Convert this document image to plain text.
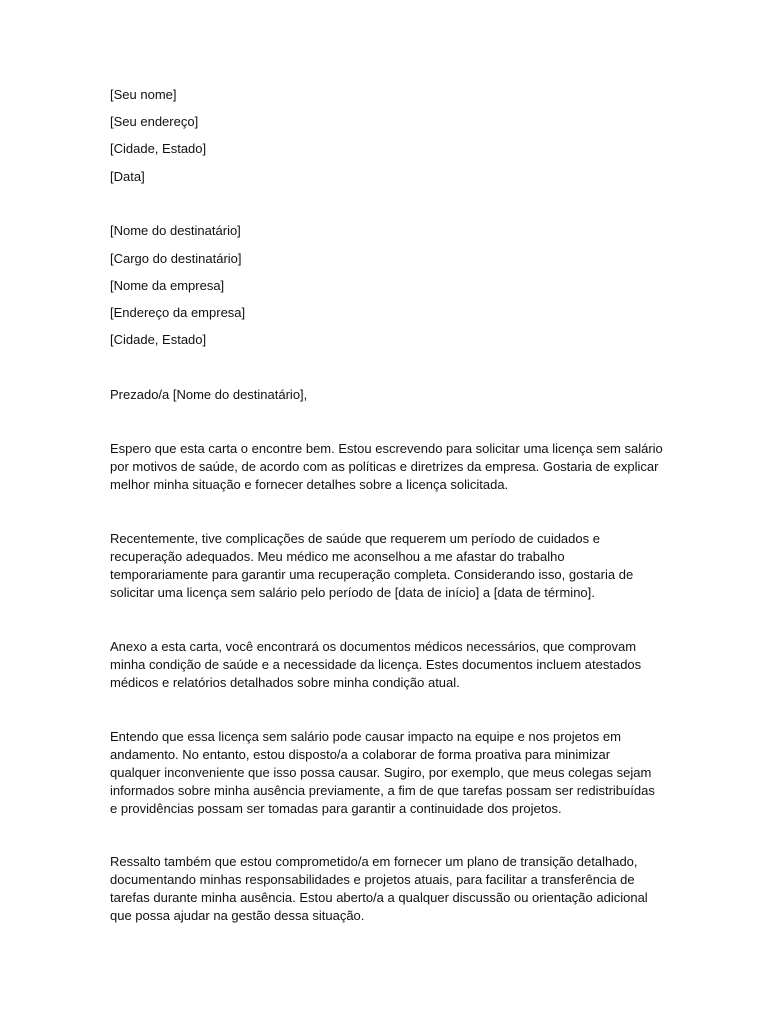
[Seu nome]
[Seu endereço]
[Cidade, Estado]
[Data]
[Nome do destinatário]
[Cargo do destinatário]
[Nome da empresa]
[Endereço da empresa]
[Cidade, Estado]
Prezado/a [Nome do destinatário],
Espero que esta carta o encontre bem. Estou escrevendo para solicitar uma licença sem salário
por motivos de saúde, de acordo com as políticas e diretrizes da empresa. Gostaria de explicar
melhor minha situação e fornecer detalhes sobre a licença solicitada.
Recentemente, tive complicações de saúde que requerem um período de cuidados e
recuperação adequados. Meu médico me aconselhou a me afastar do trabalho
temporariamente para garantir uma recuperação completa. Considerando isso, gostaria de
solicitar uma licença sem salário pelo período de [data de início] a [data de término].
Anexo a esta carta, você encontrará os documentos médicos necessários, que comprovam
minha condição de saúde e a necessidade da licença. Estes documentos incluem atestados
médicos e relatórios detalhados sobre minha condição atual.
Entendo que essa licença sem salário pode causar impacto na equipe e nos projetos em
andamento. No entanto, estou disposto/a a colaborar de forma proativa para minimizar
qualquer inconveniente que isso possa causar. Sugiro, por exemplo, que meus colegas sejam
informados sobre minha ausência previamente, a fim de que tarefas possam ser redistribuídas
e providências possam ser tomadas para garantir a continuidade dos projetos.
Ressalto também que estou comprometido/a em fornecer um plano de transição detalhado,
documentando minhas responsabilidades e projetos atuais, para facilitar a transferência de
tarefas durante minha ausência. Estou aberto/a a qualquer discussão ou orientação adicional
que possa ajudar na gestão dessa situação.
